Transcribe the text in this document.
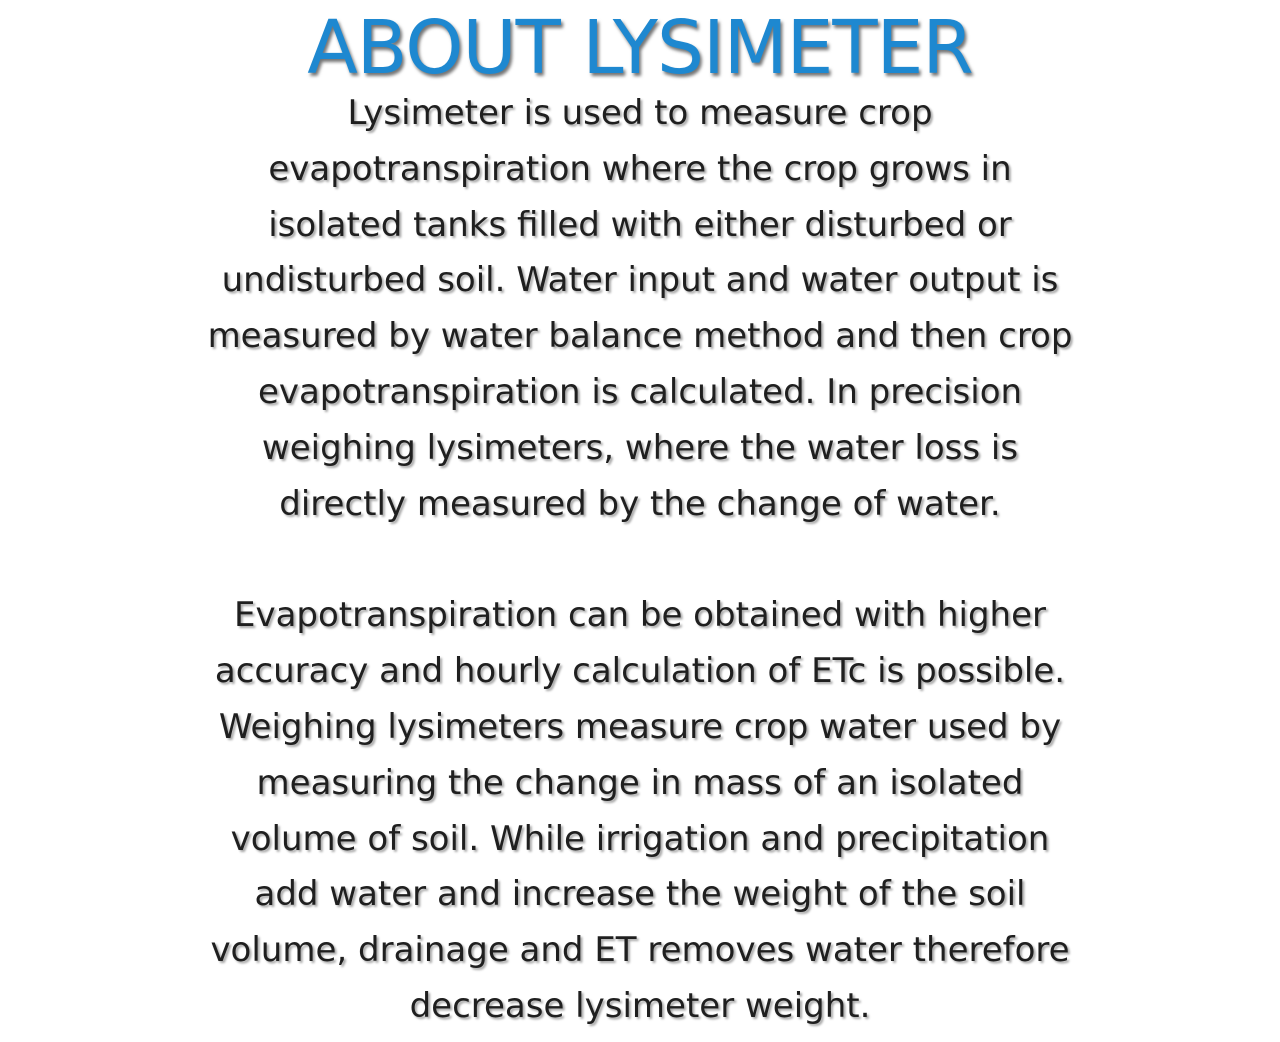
ABOUT LYSIMETER

Lysimeter is used to measure crop
evapotranspiration where the crop grows in
isolated tanks filled with either disturbed or
undisturbed soil. Water input and water output is
measured by water balance method and then crop
evapotranspiration is calculated. In precision
weighing lysimeters, where the water loss is
directly measured by the change of water.

Evapotranspiration can be obtained with higher
accuracy and hourly calculation of ETc is possible.
Weighing lysimeters measure crop water used by
measuring the change in mass of an isolated
volume of soil. While irrigation and precipitation
add water and increase the weight of the soil
volume, drainage and ET removes water therefore
decrease lysimeter weight.
